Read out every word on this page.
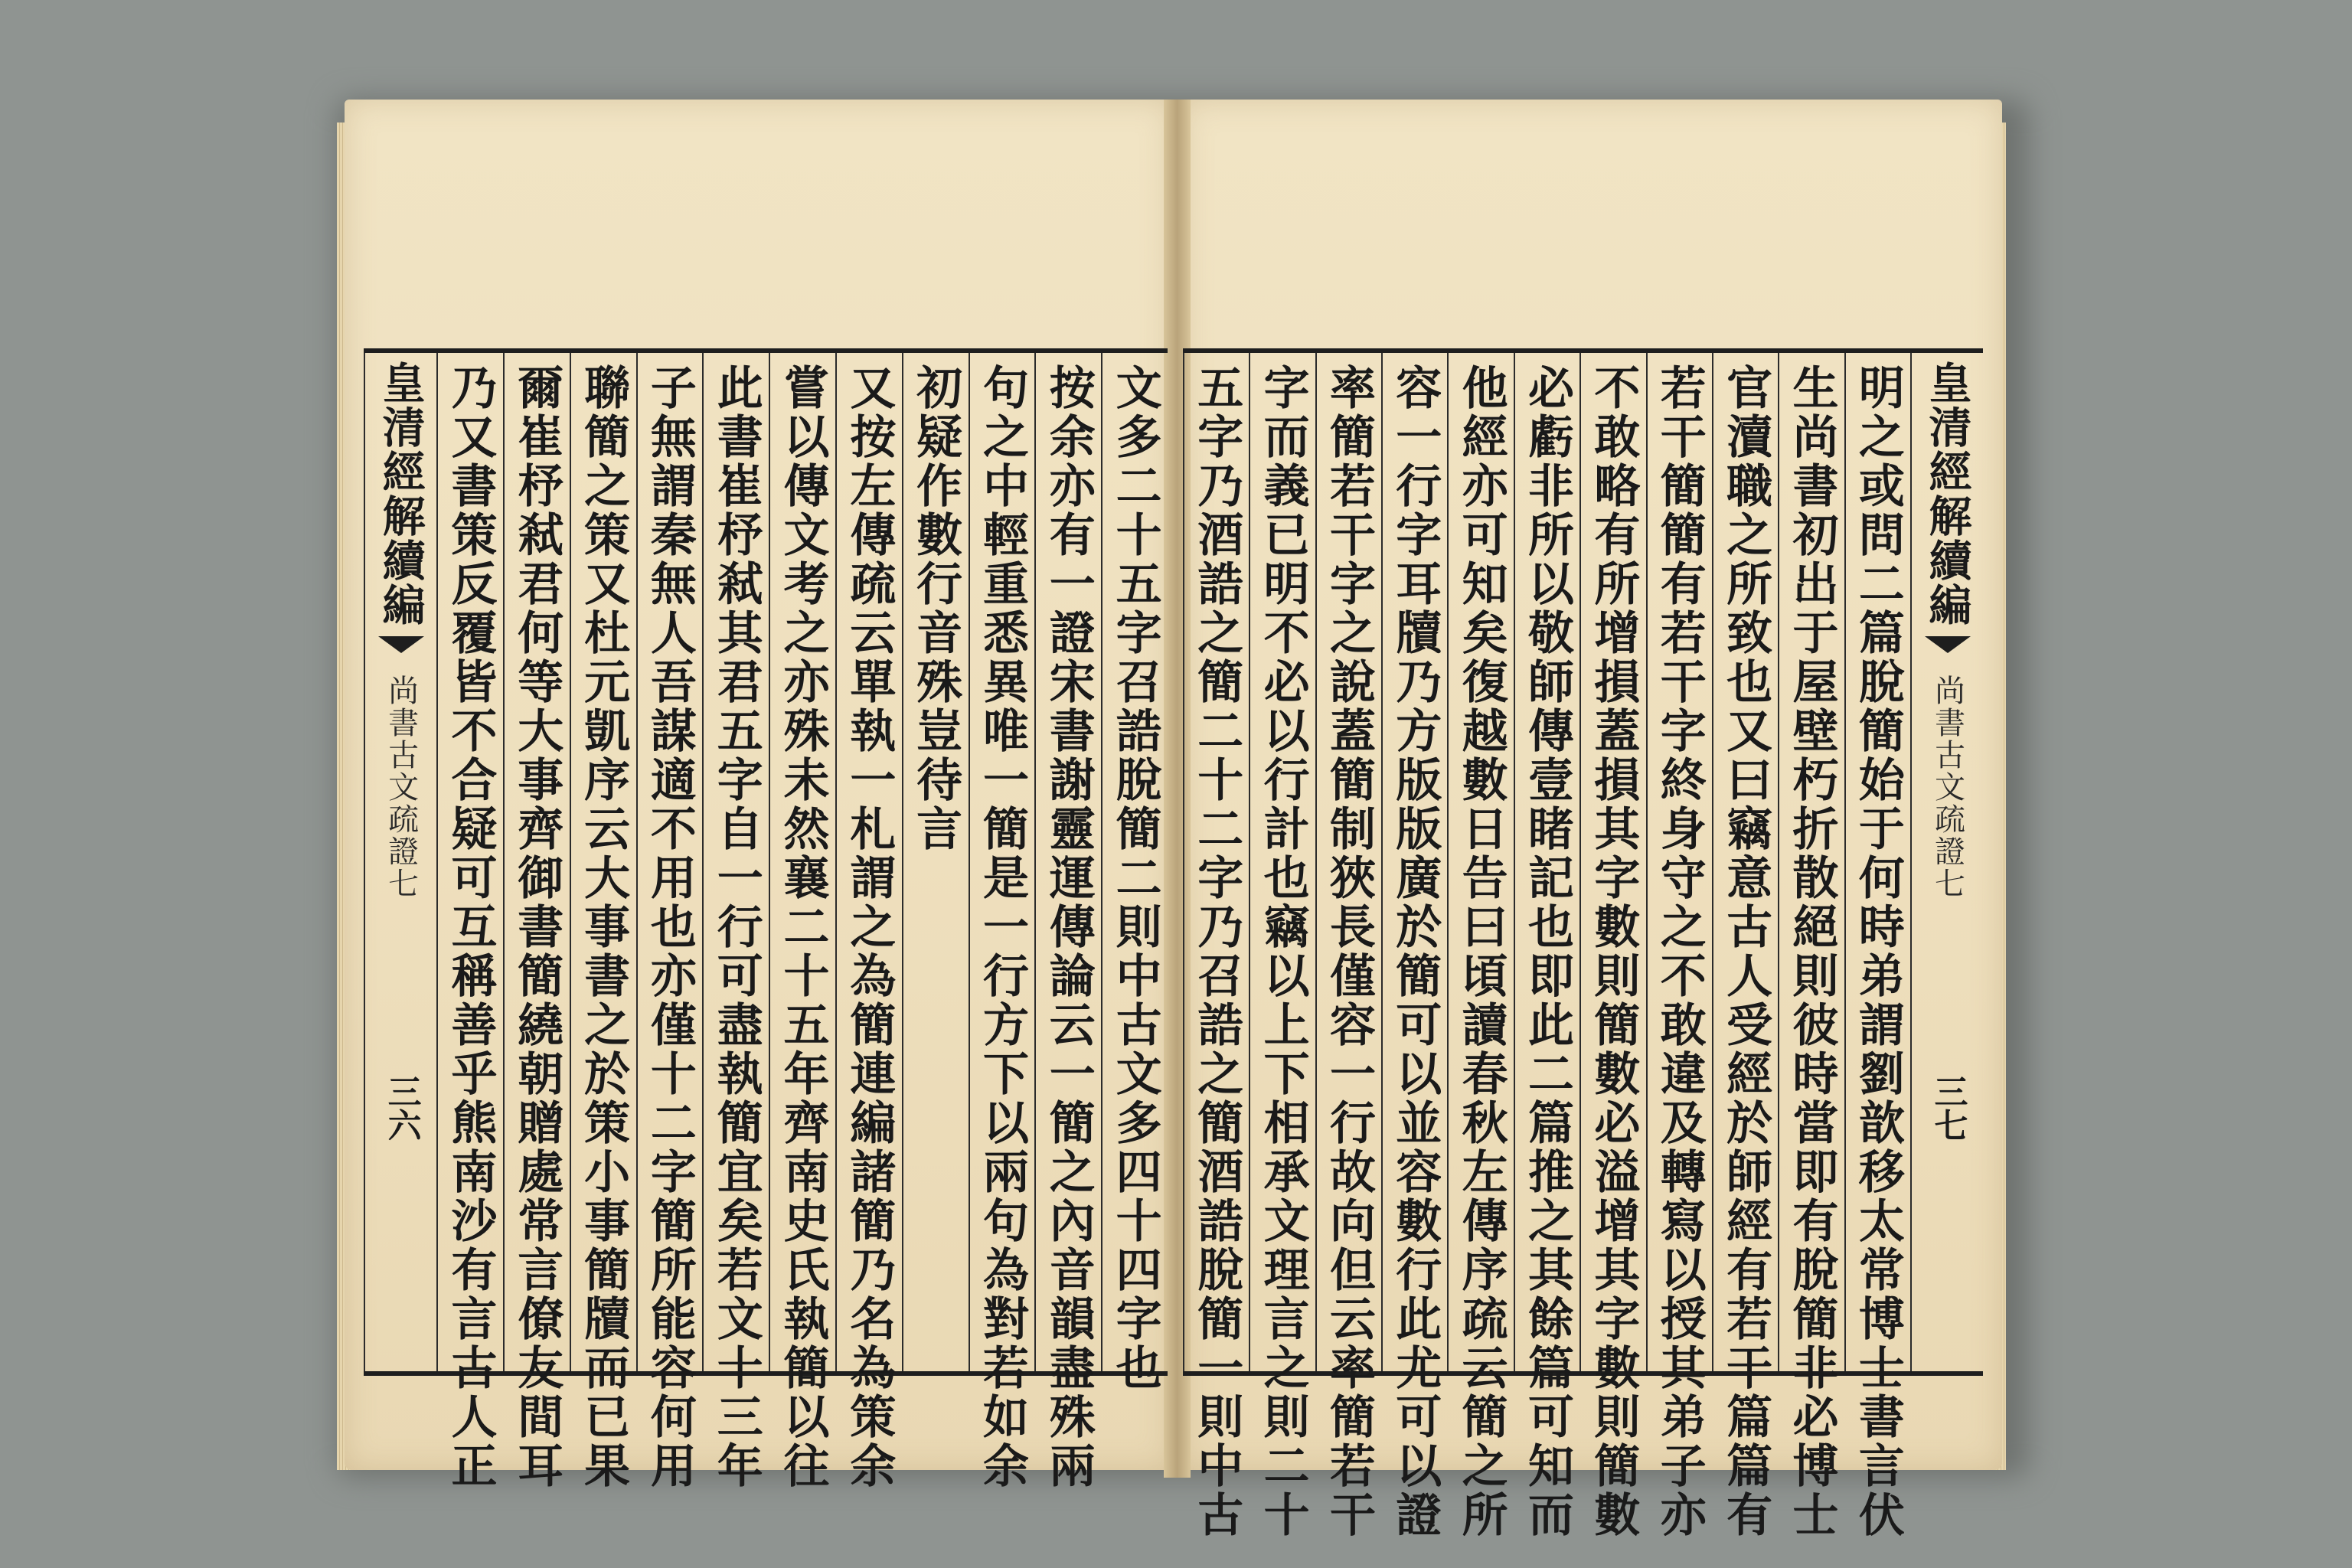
文多二十五字召誥脫簡二則中古文多四十四字也
按余亦有一證宋書謝靈運傳論云一簡之內音韻盡殊兩
句之中輕重悉異唯一簡是一行方下以兩句為對若如余
初疑作數行音殊豈待言
又按左傳疏云單執一札謂之為簡連編諸簡乃名為策余
嘗以傳文考之亦殊未然襄二十五年齊南史氏執簡以往
此書崔杼弒其君五字自一行可盡執簡宜矣若文十三年
子無謂秦無人吾謀適不用也亦僅十二字簡所能容何用
聯簡之策又杜元凱序云大事書之於策小事簡牘而已果
爾崔杼弒君何等大事齊御書簡繞朝贈處常言僚友間耳
乃又書策反覆皆不合疑可互稱善乎熊南沙有言古人正
皇清經解續編
尚書古文疏證七
三六
皇清經解續編
尚書古文疏證七
三七
明之或問二篇脫簡始于何時弟謂劉歆移太常博士書言伏
生尚書初出于屋壁朽折散絕則彼時當即有脫簡非必博士
官瀆職之所致也又曰竊意古人受經於師經有若干篇篇有
若干簡簡有若干字終身守之不敢違及轉寫以授其弟子亦
不敢略有所增損蓋損其字數則簡數必溢增其字數則簡數
必虧非所以敬師傳壹睹記也即此二篇推之其餘篇可知而
他經亦可知矣復越數日告曰頃讀春秋左傳序疏云簡之所
容一行字耳牘乃方版版廣於簡可以並容數行此尤可以證
率簡若干字之說蓋簡制狹長僅容一行故向但云率簡若干
字而義已明不必以行計也竊以上下相承文理言之則二十
五字乃酒誥之簡二十二字乃召誥之簡酒誥脫簡一則中古
